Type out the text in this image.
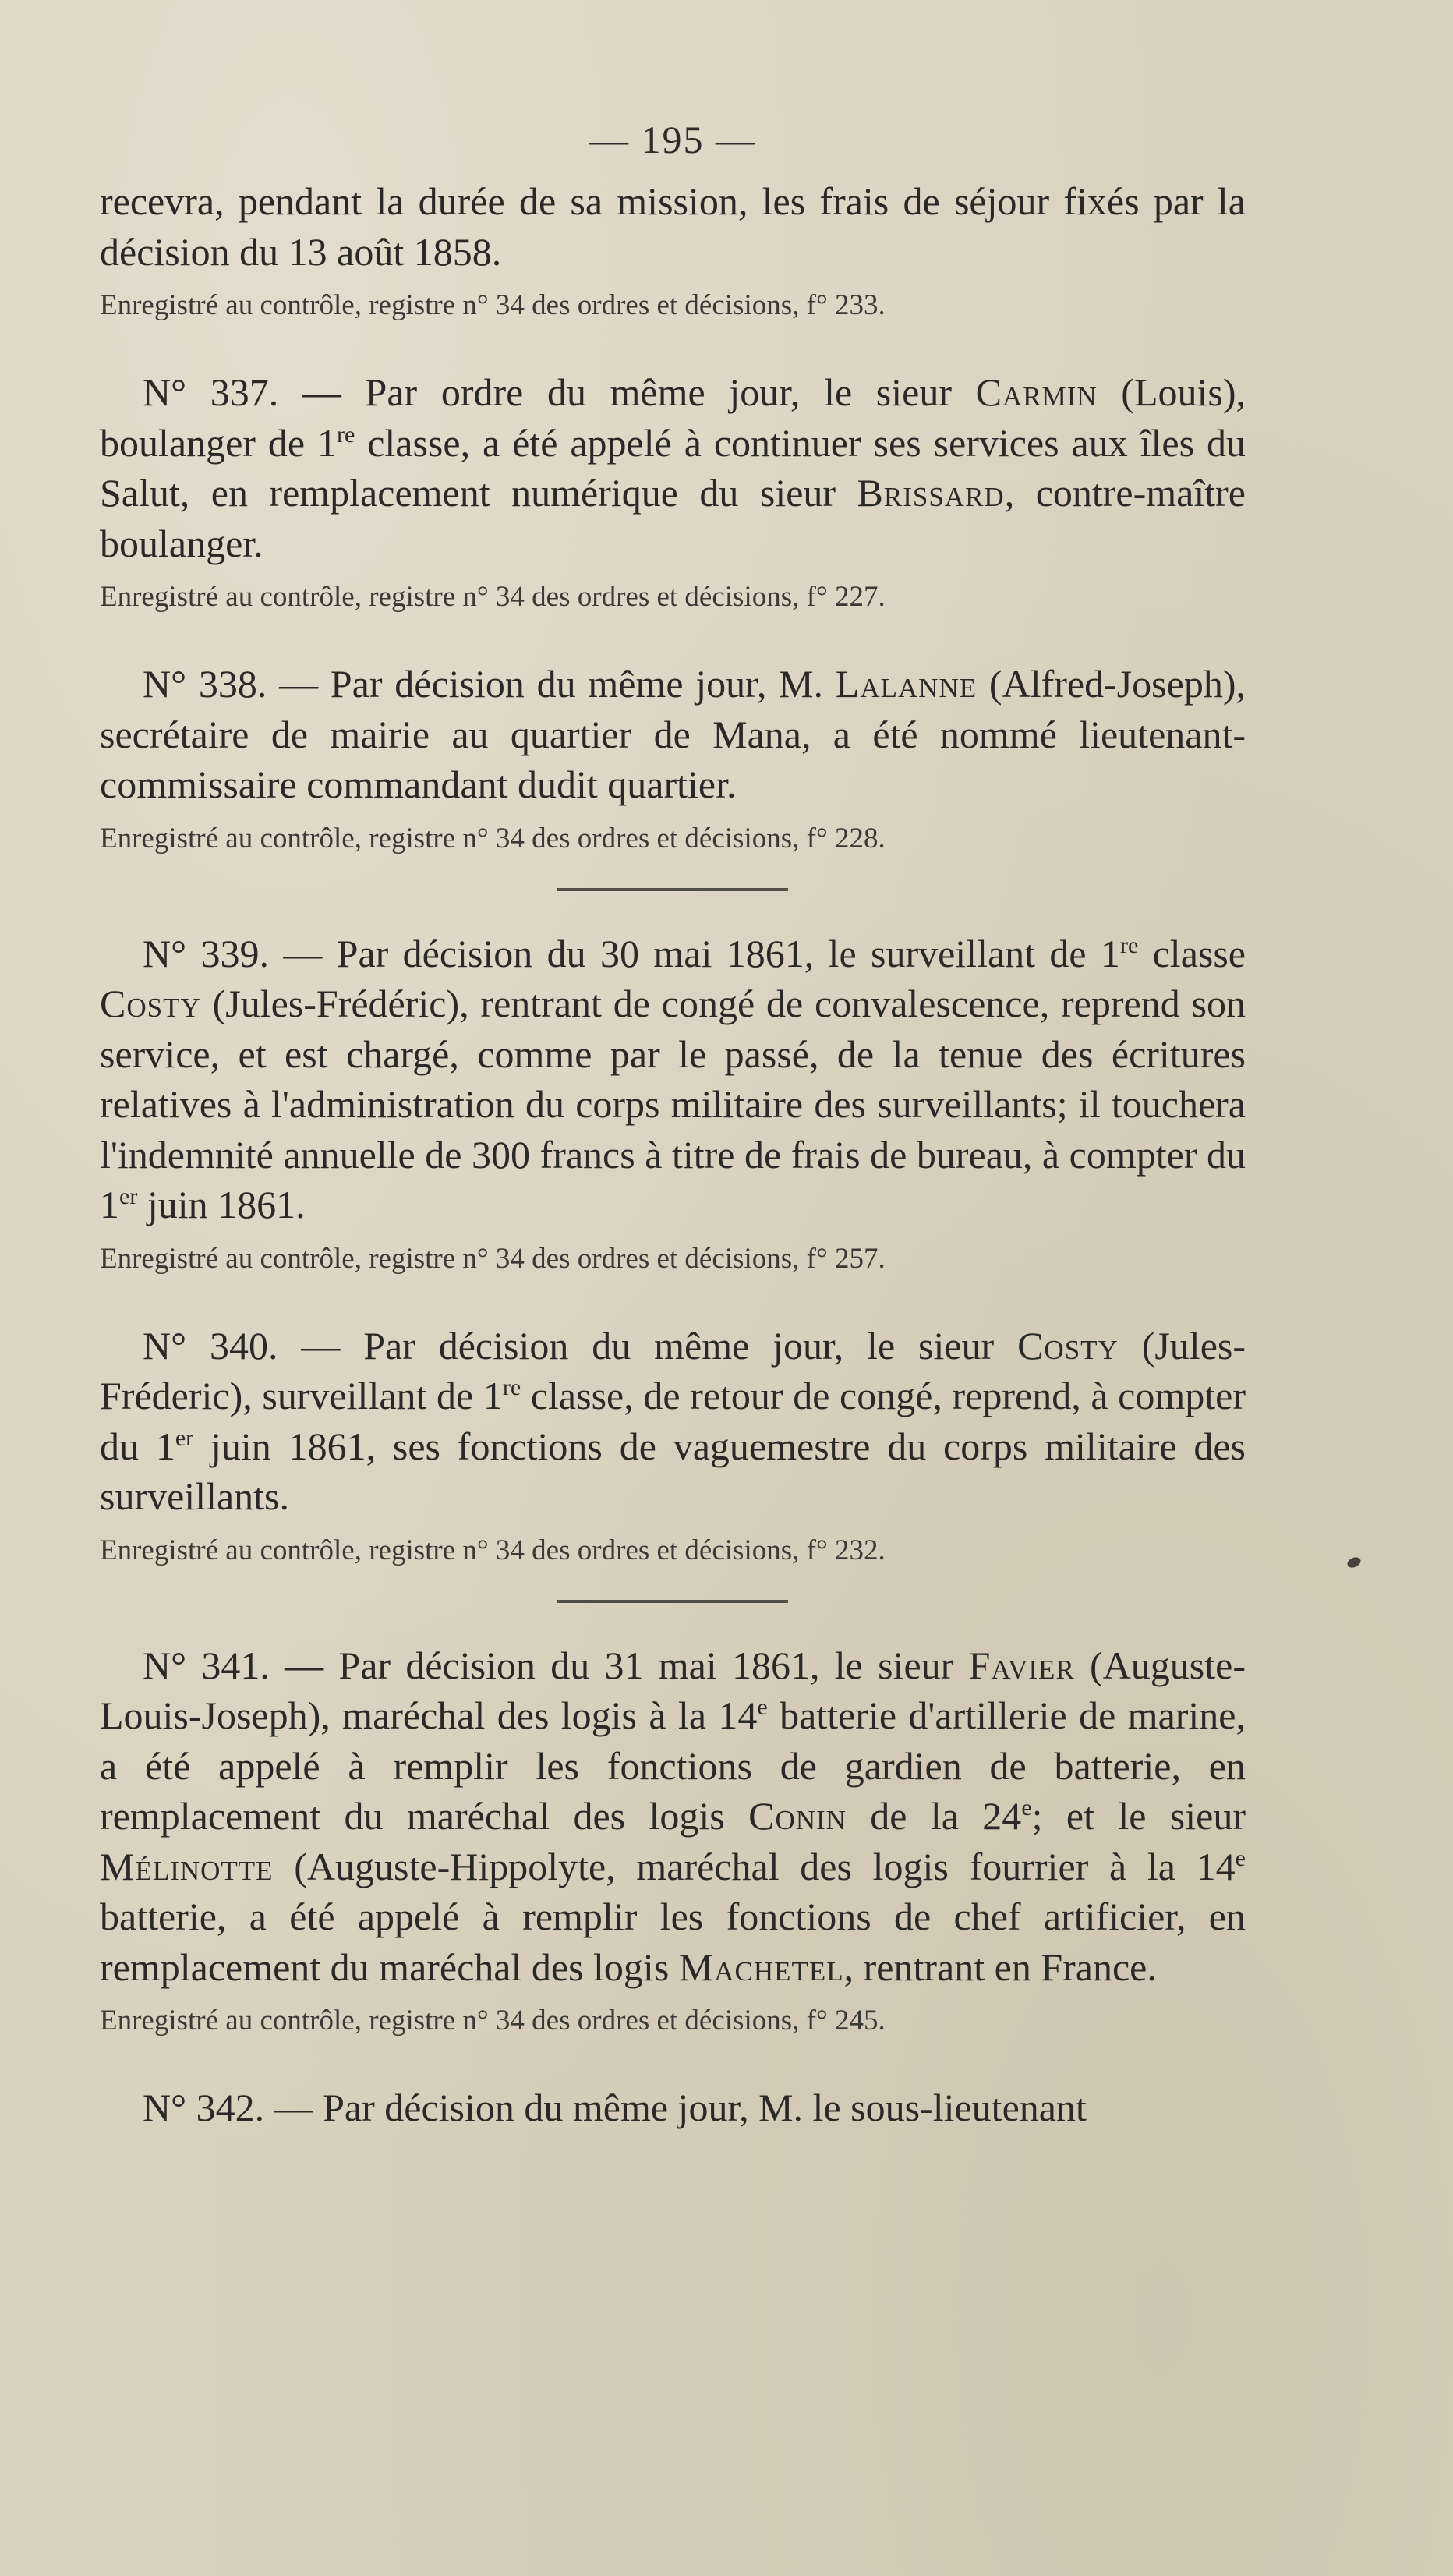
— 195 —

recevra, pendant la durée de sa mission, les frais de séjour fixés par la décision du 13 août 1858.

Enregistré au contrôle, registre n° 34 des ordres et décisions, f° 233.

N° 337. — Par ordre du même jour, le sieur Carmin (Louis), boulanger de 1re classe, a été appelé à continuer ses services aux îles du Salut, en remplacement numérique du sieur Brissard, contre-maître boulanger.

Enregistré au contrôle, registre n° 34 des ordres et décisions, f° 227.

N° 338. — Par décision du même jour, M. Lalanne (Alfred-Joseph), secrétaire de mairie au quartier de Mana, a été nommé lieutenant-commissaire commandant dudit quartier.

Enregistré au contrôle, registre n° 34 des ordres et décisions, f° 228.

N° 339. — Par décision du 30 mai 1861, le surveillant de 1re classe Costy (Jules-Frédéric), rentrant de congé de convalescence, reprend son service, et est chargé, comme par le passé, de la tenue des écritures relatives à l'administration du corps militaire des surveillants; il touchera l'indemnité annuelle de 300 francs à titre de frais de bureau, à compter du 1er juin 1861.

Enregistré au contrôle, registre n° 34 des ordres et décisions, f° 257.

N° 340. — Par décision du même jour, le sieur Costy (Jules-Fréderic), surveillant de 1re classe, de retour de congé, reprend, à compter du 1er juin 1861, ses fonctions de vaguemestre du corps militaire des surveillants.

Enregistré au contrôle, registre n° 34 des ordres et décisions, f° 232.

N° 341. — Par décision du 31 mai 1861, le sieur Favier (Auguste-Louis-Joseph), maréchal des logis à la 14e batterie d'artillerie de marine, a été appelé à remplir les fonctions de gardien de batterie, en remplacement du maréchal des logis Conin de la 24e; et le sieur Mélinotte (Auguste-Hippolyte, maréchal des logis fourrier à la 14e batterie, a été appelé à remplir les fonctions de chef artificier, en remplacement du maréchal des logis Machetel, rentrant en France.

Enregistré au contrôle, registre n° 34 des ordres et décisions, f° 245.

N° 342. — Par décision du même jour, M. le sous-lieutenant
